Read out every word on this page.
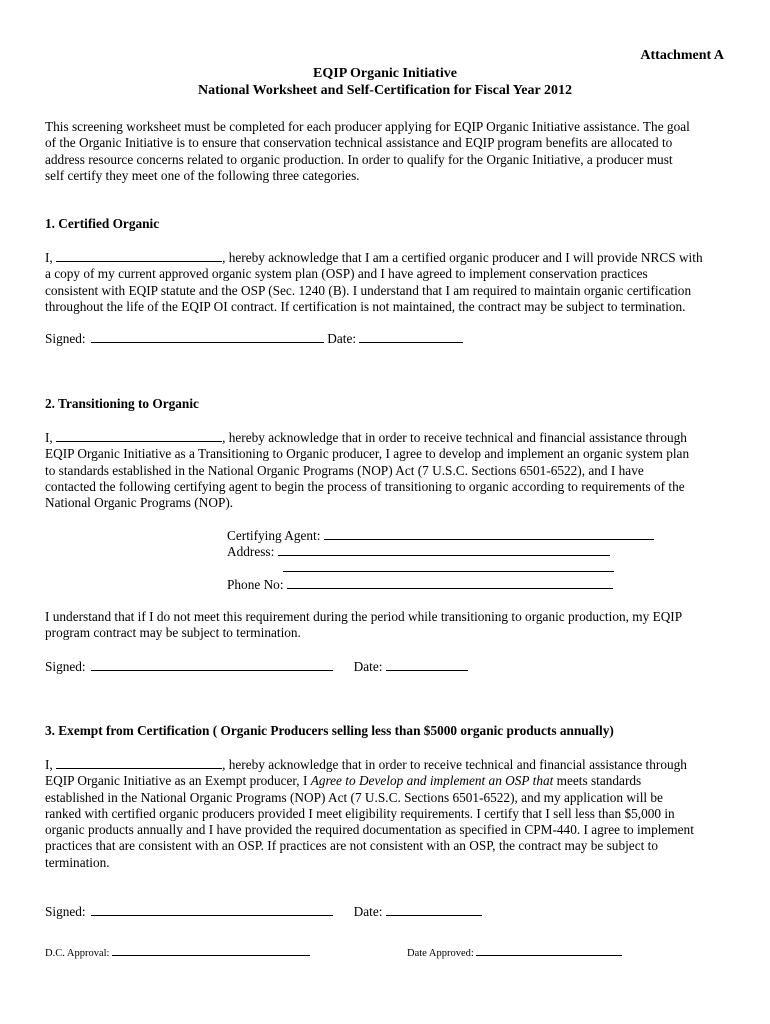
Attachment A
EQIP Organic Initiative
National Worksheet and Self-Certification for Fiscal Year 2012
This screening worksheet must be completed for each producer applying for EQIP Organic Initiative assistance. The goal
of the Organic Initiative is to ensure that conservation technical assistance and EQIP program benefits are allocated to
address resource concerns related to organic production. In order to qualify for the Organic Initiative, a producer must
self certify they meet one of the following three categories.
1. Certified Organic
I,	, hereby acknowledge that I am a certified organic producer and I will provide NRCS with
a copy of my current approved organic system plan (OSP) and I have agreed to implement conservation practices
consistent with EQIP statute and the OSP (Sec. 1240 (B). I understand that I am required to maintain organic certification
throughout the life of the EQIP OI contract. If certification is not maintained, the contract may be subject to termination.
Signed:	Date:
2. Transitioning to Organic
I,	, hereby acknowledge that in order to receive technical and financial assistance through
EQIP Organic Initiative as a Transitioning to Organic producer, I agree to develop and implement an organic system plan
to standards established in the National Organic Programs (NOP) Act (7 U.S.C. Sections 6501-6522), and I have
contacted the following certifying agent to begin the process of transitioning to organic according to requirements of the
National Organic Programs (NOP).
Certifying Agent:
Address:
Phone No:
I understand that if I do not meet this requirement during the period while transitioning to organic production, my EQIP
program contract may be subject to termination.
Signed:	Date:
3. Exempt from Certification ( Organic Producers selling less than $5000 organic products annually)
I,	, hereby acknowledge that in order to receive technical and financial assistance through
EQIP Organic Initiative as an Exempt producer, I Agree to Develop and implement an OSP that meets standards
established in the National Organic Programs (NOP) Act (7 U.S.C. Sections 6501-6522), and my application will be
ranked with certified organic producers provided I meet eligibility requirements. I certify that I sell less than $5,000 in
organic products annually and I have provided the required documentation as specified in CPM-440. I agree to implement
practices that are consistent with an OSP. If practices are not consistent with an OSP, the contract may be subject to
termination.
Signed:	Date:
D.C. Approval:	Date Approved:
